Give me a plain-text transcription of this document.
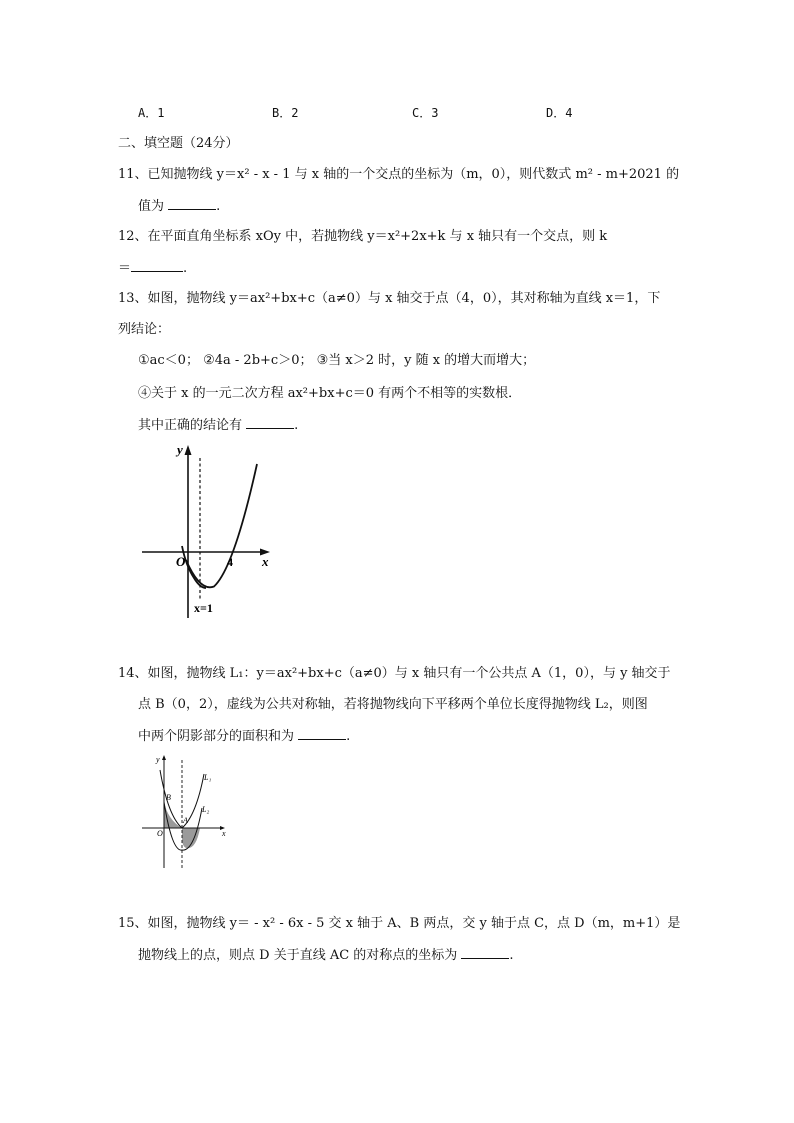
A．1	B．2	C．3	D．4
二、填空题（24分）
11、已知抛物线 y＝x² - x - 1 与 x 轴的一个交点的坐标为（m，0），则代数式 m² - m+2021 的
值为	.
12、在平面直角坐标系 xOy 中，若抛物线 y＝x²+2x+k 与 x 轴只有一个交点，则 k
＝	.
13、如图，抛物线 y＝ax²+bx+c（a≠0）与 x 轴交于点（4，0），其对称轴为直线 x＝1，下
列结论：
①ac＜0； ②4a - 2b+c＞0； ③当 x＞2 时，y 随 x 的增大而增大；
④关于 x 的一元二次方程 ax²+bx+c＝0 有两个不相等的实数根．
其中正确的结论有	.
y
x
O	4
x=1
14、如图，抛物线 L₁：y＝ax²+bx+c（a≠0）与 x 轴只有一个公共点 A（1，0），与 y 轴交于
点 B（0，2），虚线为公共对称轴，若将抛物线向下平移两个单位长度得抛物线 L₂，则图
中两个阴影部分的面积和为	.
y
x
O
B
A
L₁
L₂
15、如图，抛物线 y＝ - x² - 6x - 5 交 x 轴于 A、B 两点，交 y 轴于点 C，点 D（m，m+1）是
抛物线上的点，则点 D 关于直线 AC 的对称点的坐标为	.
